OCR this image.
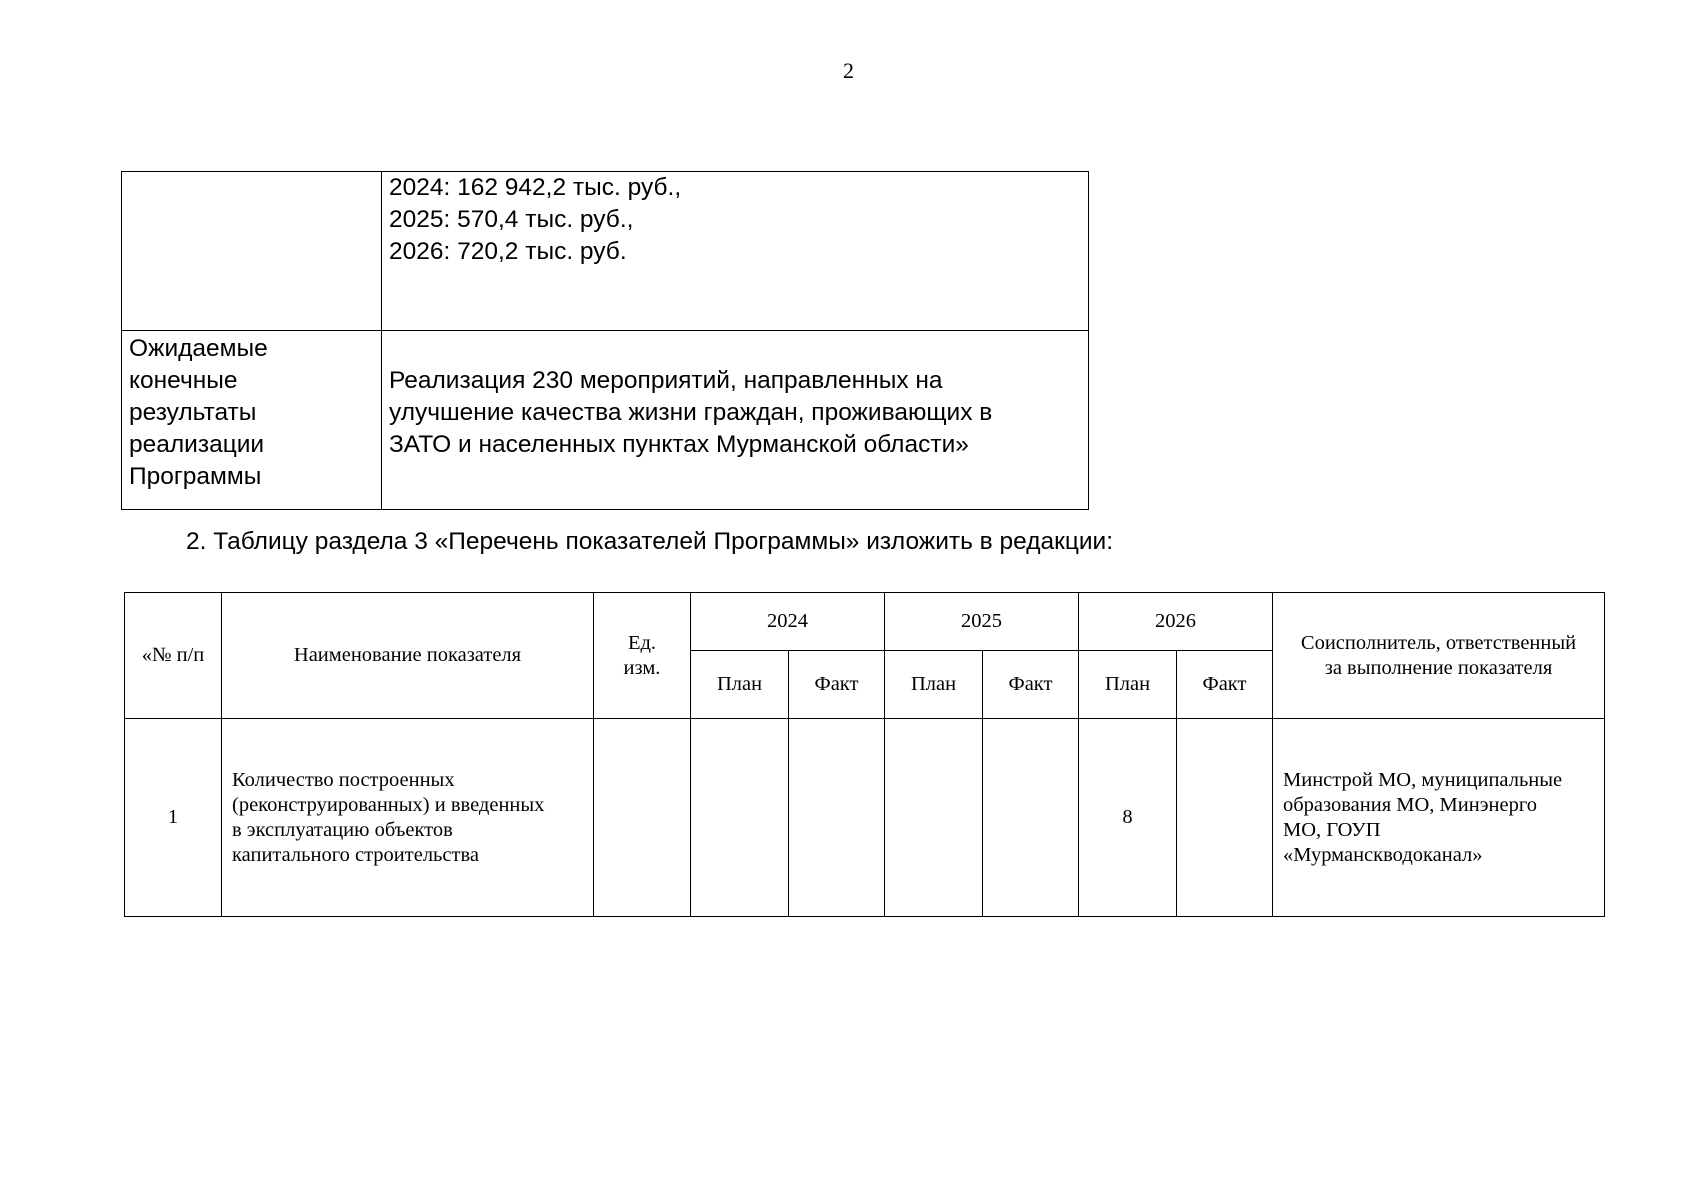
2

	2024: 162 942,2 тыс. руб.,
2025: 570,4 тыс. руб.,
2026: 720,2 тыс. руб.

Ожидаемые
конечные
результаты
реализации
Программы	Реализация 230 мероприятий, направленных на
улучшение качества жизни граждан, проживающих в
ЗАТО и населенных пунктах Мурманской области»
2. Таблицу раздела 3 «Перечень показателей Программы» изложить в редакции:
«№ п/п	Наименование показателя	Ед.
изм.	2024		2025		2026		Соисполнитель, ответственный
за выполнение показателя

			План	Факт	План	Факт	План	Факт	
1	Количество построенных
(реконструированных) и введенных
в эксплуатацию объектов
капитального строительства						8		Минстрой МО, муниципальные
образования МО, Минэнерго
МО, ГОУП
«Мурманскводоканал»
